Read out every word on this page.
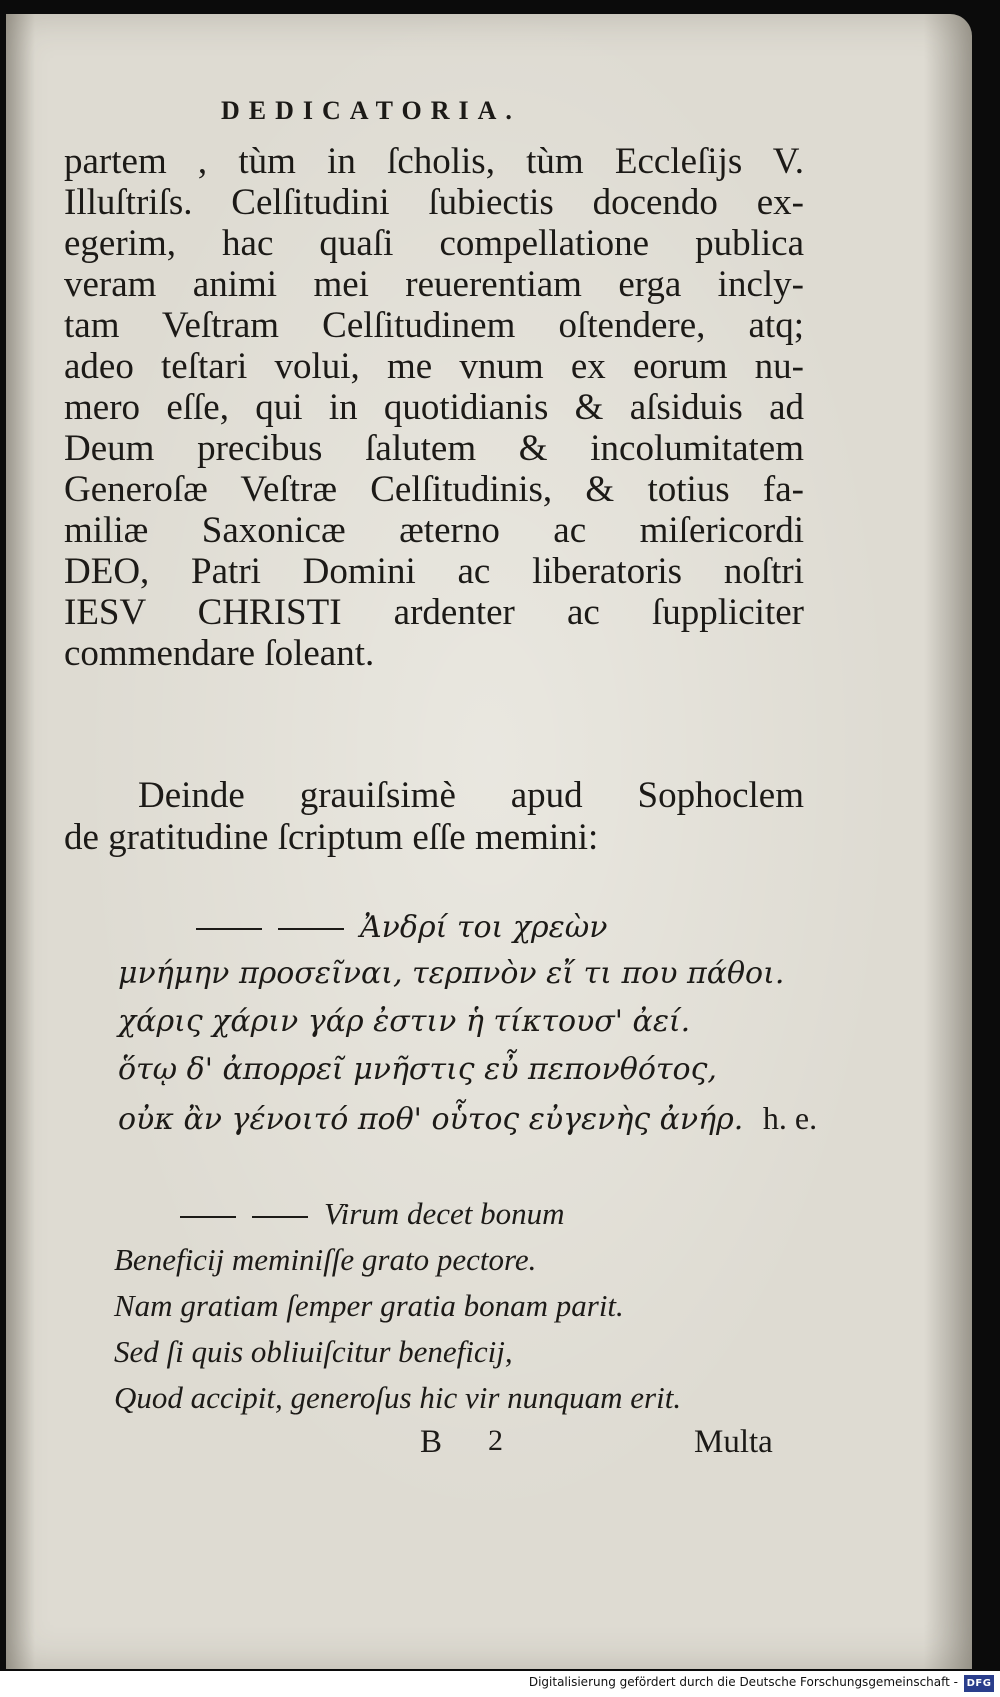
DEDICATORIA.
partem , tùm in ſcholis, tùm Eccleſijs V.
Illuſtriſs. Celſitudini ſubiectis docendo ex-
egerim, hac quaſi compellatione publica
veram animi mei reuerentiam erga incly-
tam Veſtram Celſitudinem oſtendere, atq;
adeo teſtari volui, me vnum ex eorum nu-
mero eſſe, qui in quotidianis & aſsiduis ad
Deum precibus ſalutem & incolumitatem
Generoſæ Veſtræ Celſitudinis, & totius fa-
miliæ Saxonicæ æterno ac miſericordi
DEO, Patri Domini ac liberatoris noſtri
IESV CHRISTI ardenter ac ſuppliciter
commendare ſoleant.
Deinde grauiſsimè apud Sophoclem
de gratitudine ſcriptum eſſe memini:
Ἀνδρί τοι χρεὼν
μνήμην προσεῖναι, τερπνὸν εἴ τι που πάθοι.
χάρις χάριν γάρ ἐστιν ἡ τίκτουσ' ἀεί.
ὅτῳ δ' ἀπορρεῖ μνῆστις εὖ πεπονθότος,
οὐκ ἂν γένοιτό ποθ' οὗτος εὐγενὴς ἀνήρ. h. e.
Virum decet bonum
Beneficij meminiſſe grato pectore.
Nam gratiam ſemper gratia bonam parit.
Sed ſi quis obliuiſcitur beneficij,
Quod accipit, generoſus hic vir nunquam erit.
B 2	Multa
Digitalisierung gefördert durch die Deutsche Forschungsgemeinschaft - DFG
